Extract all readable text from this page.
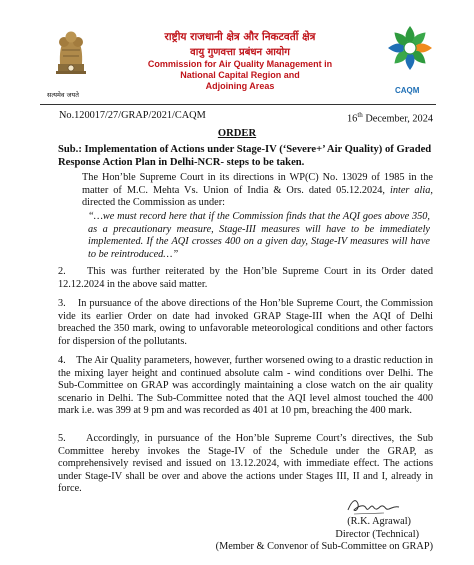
सत्यमेव जयते
राष्ट्रीय राजधानी क्षेत्र और निकटवर्ती क्षेत्र
वायु गुणवत्ता प्रबंधन आयोग
Commission for Air Quality Management in
National Capital Region and
Adjoining Areas	CAQM
No.120017/27/GRAP/2021/CAQM	16th December, 2024
ORDER
Sub.: Implementation of Actions under Stage-IV (‘Severe+’ Air Quality) of Graded Response Action Plan in Delhi-NCR- steps to be taken.
The Hon’ble Supreme Court in its directions in WP(C) No. 13029 of 1985 in the matter of M.C. Mehta Vs. Union of India & Ors. dated 05.12.2024, inter alia, directed the Commission as under:
“…we must record here that if the Commission finds that the AQI goes above 350, as a precautionary measure, Stage-III measures will have to be immediately implemented. If the AQI crosses 400 on a given day, Stage-IV measures will have to be reintroduced…”
2.    This was further reiterated by the Hon’ble Supreme Court in its Order dated 12.12.2024 in the above said matter.
3.    In pursuance of the above directions of the Hon’ble Supreme Court, the Commission vide its earlier Order on date had invoked GRAP Stage-III when the AQI of Delhi breached the 350 mark, owing to unfavorable meteorological conditions and other factors for dispersion of the pollutants.
4.    The Air Quality parameters, however, further worsened owing to a drastic reduction in the mixing layer height and continued absolute calm - wind conditions over Delhi. The Sub-Committee on GRAP was accordingly maintaining a close watch on the air quality scenario in Delhi. The Sub-Committee noted that the AQI level almost touched the 400 mark i.e. was 399 at 9 pm and was recorded as 401 at 10 pm, breaching the 400 mark.
5.    Accordingly, in pursuance of the Hon’ble Supreme Court’s directives, the Sub Committee hereby invokes the Stage-IV of the Schedule under the GRAP, as comprehensively revised and issued on 13.12.2024, with immediate effect. The actions under Stage-IV shall be over and above the actions under Stages III, II and I, already in force.
(R.K. Agrawal)
Director (Technical)
(Member & Convenor of Sub-Committee on GRAP)
